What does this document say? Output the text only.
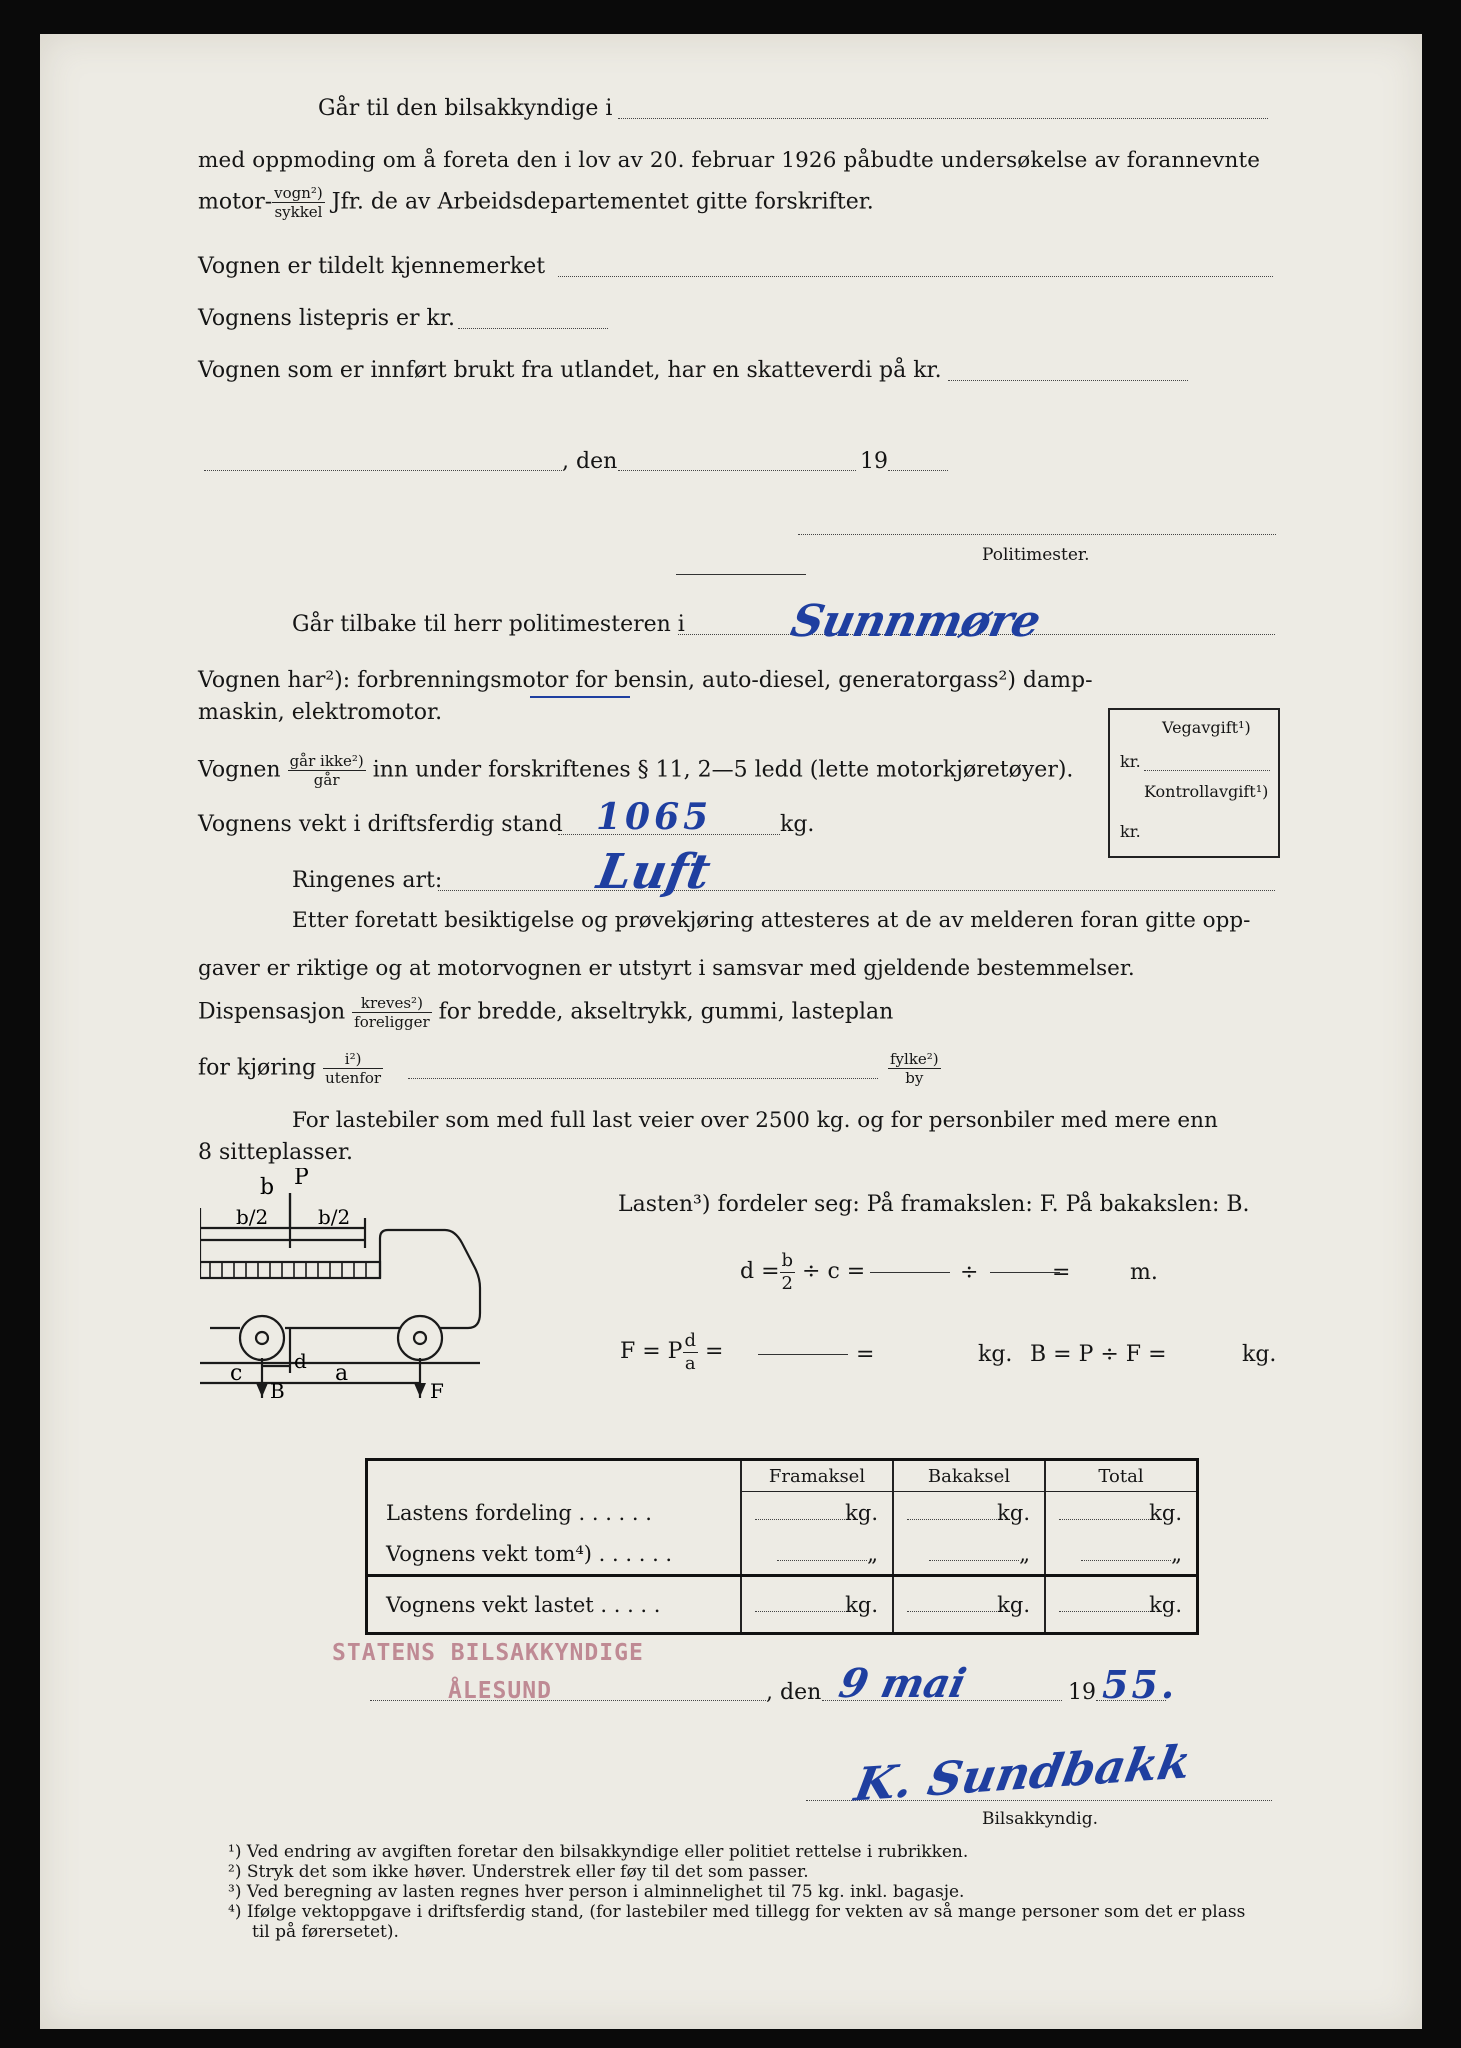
Går til den bilsakkyndige i
med oppmoding om å foreta den i lov av 20. februar 1926 påbudte undersøkelse av forannevnte
motor- $\frac{\text{vogn²)}}{\text{sykkel}}$ Jfr. de av Arbeidsdepartementet gitte forskrifter.
Vognen er tildelt kjennemerket
Vognens listepris er kr.
Vognen som er innført brukt fra utlandet, har en skatteverdi på kr.
, den	19
Politimester.
Går tilbake til herr politimesteren i Sunnmøre
Vognen har²): forbrenningsmotor for bensin, auto-diesel, generatorgass²) damp-
maskin, elektromotor.
Vegavgift¹)
kr.
Kontrollavgift¹)
kr.
Vognen $\frac{\text{går ikke²)}}{\text{går}}$ inn under forskriftenes § 11, 2—5 ledd (lette motorkjøretøyer).
Vognens vekt i driftsferdig stand 1065	kg.
Ringenes art:	Luft
Etter foretatt besiktigelse og prøvekjøring attesteres at de av melderen foran gitte opp-
gaver er riktige og at motorvognen er utstyrt i samsvar med gjeldende bestemmelser.
Dispensasjon $\frac{\text{kreves²)}}{\text{foreligger}}$ for bredde, akseltrykk, gummi, lasteplan
for kjøring $\frac{\text{i²)}}{\text{utenfor}}$	$\frac{\text{fylke²)}}{by}$
For lastebiler som med full last veier over 2500 kg. og for personbiler med mere enn
8 sitteplasser.
b P
b/2 b/2
c	d a
B	F
Lasten³) fordeler seg: På framakslen: F. På bakakslen: B.
$d = \frac{b}{2} \div c$ =	÷	=	m.
F = P $\frac{d}{a}$ =	=	kg. B = P ÷ F =	kg.
	Framaksel	Bakaksel	Total
Lastens fordeling . . . . . .	kg.	kg.	kg.
Vognens vekt tom⁴) . . . . . .	„	„	„
Vognens vekt lastet . . . . .	kg.	kg.	kg.
STATENS BILSAKKYNDIGE
ÅLESUND	, den 9 mai	19 55.
K. Sundbakk
Bilsakkyndig.
¹) Ved endring av avgiften foretar den bilsakkyndige eller politiet rettelse i rubrikken.
²) Stryk det som ikke høver. Understrek eller føy til det som passer.
³) Ved beregning av lasten regnes hver person i alminnelighet til 75 kg. inkl. bagasje.
⁴) Ifølge vektoppgave i driftsferdig stand, (for lastebiler med tillegg for vekten av så mange personer som det er plass
til på førersetet).
